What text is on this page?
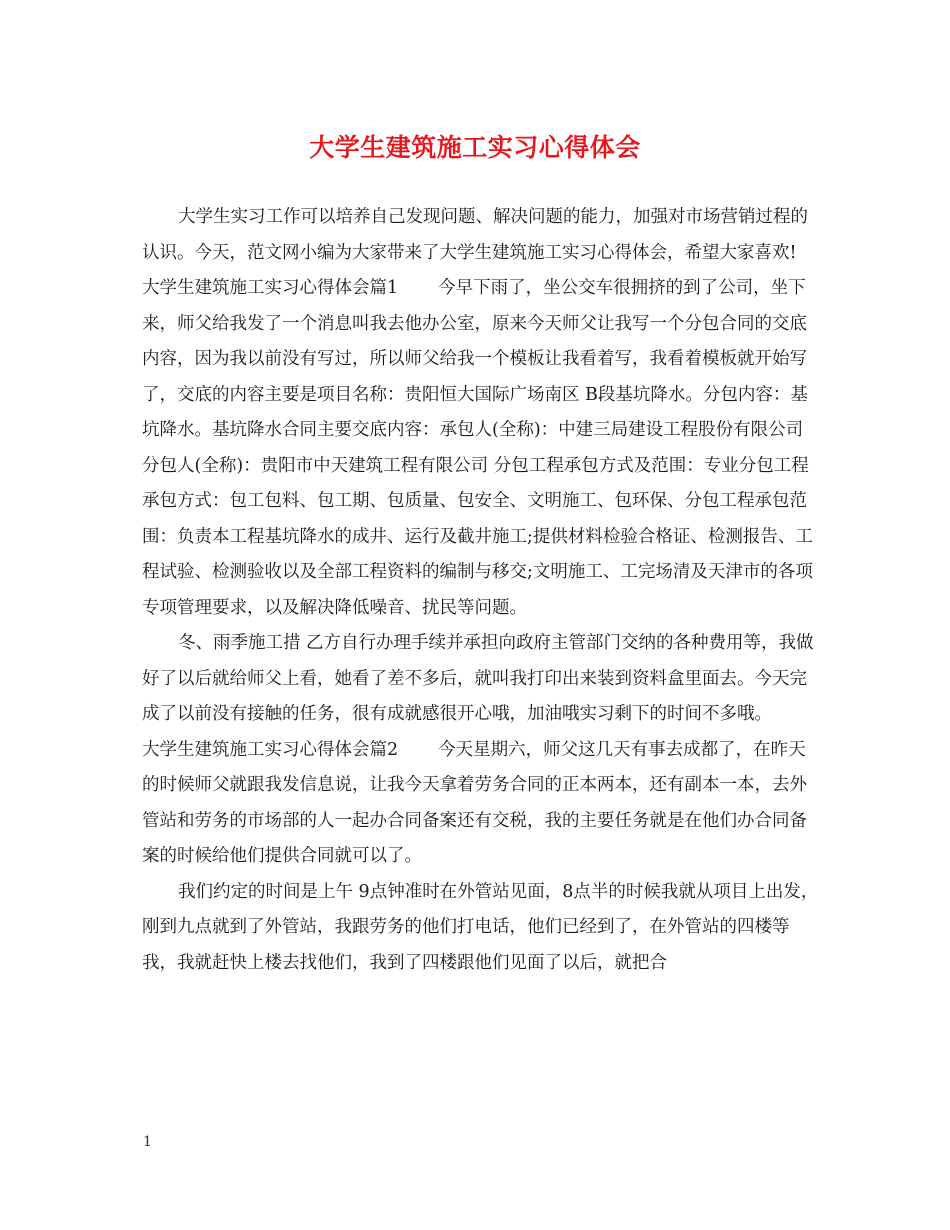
大学生建筑施工实习心得体会

大学生实习工作可以培养自己发现问题、解决问题的能力，加强对市场营销过程的认识。今天，范文网小编为大家带来了大学生建筑施工实习心得体会，希望大家喜欢!

大学生建筑施工实习心得体会篇1 今早下雨了，坐公交车很拥挤的到了公司，坐下来，师父给我发了一个消息叫我去他办公室，原来今天师父让我写一个分包合同的交底内容，因为我以前没有写过，所以师父给我一个模板让我看着写，我看着模板就开始写了，交底的内容主要是项目名称：贵阳恒大国际广场南区 B段基坑降水。分包内容：基坑降水。基坑降水合同主要交底内容：承包人(全称)：中建三局建设工程股份有限公司 分包人(全称)：贵阳市中天建筑工程有限公司 分包工程承包方式及范围：专业分包工程承包方式：包工包料、包工期、包质量、包安全、文明施工、包环保、分包工程承包范围：负责本工程基坑降水的成井、运行及截井施工;提供材料检验合格证、检测报告、工程试验、检测验收以及全部工程资料的编制与移交;文明施工、工完场清及天津市的各项专项管理要求，以及解决降低噪音、扰民等问题。

冬、雨季施工措 乙方自行办理手续并承担向政府主管部门交纳的各种费用等，我做好了以后就给师父上看，她看了差不多后，就叫我打印出来装到资料盒里面去。今天完成了以前没有接触的任务，很有成就感很开心哦，加油哦实习剩下的时间不多哦。

大学生建筑施工实习心得体会篇2 今天星期六，师父这几天有事去成都了，在昨天的时候师父就跟我发信息说，让我今天拿着劳务合同的正本两本，还有副本一本，去外管站和劳务的市场部的人一起办合同备案还有交税，我的主要任务就是在他们办合同备案的时候给他们提供合同就可以了。

我们约定的时间是上午 9点钟准时在外管站见面，8点半的时候我就从项目上出发，刚到九点就到了外管站，我跟劳务的他们打电话，他们已经到了，在外管站的四楼等我，我就赶快上楼去找他们，我到了四楼跟他们见面了以后，就把合

1
